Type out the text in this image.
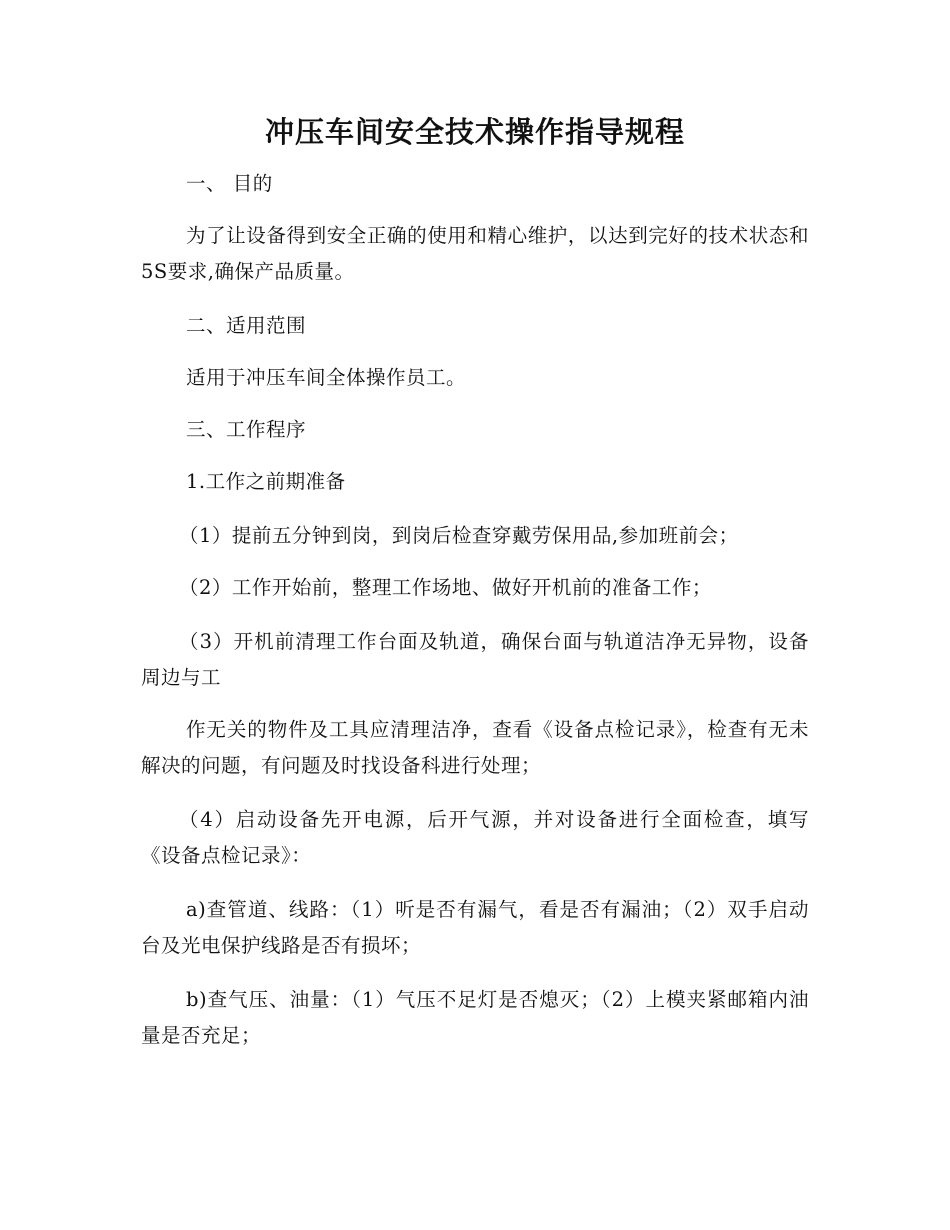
冲压车间安全技术操作指导规程
一、 目的
为了让设备得到安全正确的使用和精心维护，以达到完好的技术状态和5S要求,确保产品质量。
二、适用范围
适用于冲压车间全体操作员工。
三、工作程序
1.工作之前期准备
（1）提前五分钟到岗，到岗后检查穿戴劳保用品,参加班前会；
（2）工作开始前，整理工作场地、做好开机前的准备工作；
（3）开机前清理工作台面及轨道，确保台面与轨道洁净无异物，设备周边与工
作无关的物件及工具应清理洁净，查看《设备点检记录》，检查有无未解决的问题，有问题及时找设备科进行处理；
（4）启动设备先开电源，后开气源，并对设备进行全面检查，填写《设备点检记录》：
a)查管道、线路：（1）听是否有漏气，看是否有漏油；（2）双手启动台及光电保护线路是否有损坏；
b)查气压、油量：（1）气压不足灯是否熄灭；（2）上模夹紧邮箱内油量是否充足；
